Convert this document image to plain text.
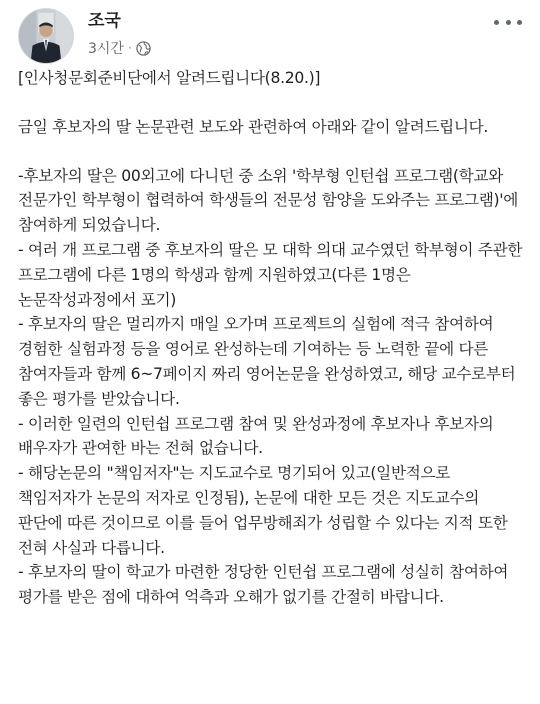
조국
3시간 ·

[인사청문회준비단에서 알려드립니다(8.20.)]

금일 후보자의 딸 논문관련 보도와 관련하여 아래와 같이 알려드립니다.

-후보자의 딸은 00외고에 다니던 중 소위 '학부형 인턴쉽 프로그램(학교와 전문가인 학부형이 협력하여 학생들의 전문성 함양을 도와주는 프로그램)'에 참여하게 되었습니다.

- 여러 개 프로그램 중 후보자의 딸은 모 대학 의대 교수였던 학부형이 주관한 프로그램에 다른 1명의 학생과 함께 지원하였고(다른 1명은 논문작성과정에서 포기)

- 후보자의 딸은 멀리까지 매일 오가며 프로젝트의 실험에 적극 참여하여 경험한 실험과정 등을 영어로 완성하는데 기여하는 등 노력한 끝에 다른 참여자들과 함께 6~7페이지 짜리 영어논문을 완성하였고, 해당 교수로부터 좋은 평가를 받았습니다.

- 이러한 일련의 인턴쉽 프로그램 참여 및 완성과정에 후보자나 후보자의 배우자가 관여한 바는 전혀 없습니다.

- 해당논문의 "책임저자"는 지도교수로 명기되어 있고(일반적으로 책임저자가 논문의 저자로 인정됨), 논문에 대한 모든 것은 지도교수의 판단에 따른 것이므로 이를 들어 업무방해죄가 성립할 수 있다는 지적 또한 전혀 사실과 다릅니다.

- 후보자의 딸이 학교가 마련한 정당한 인턴쉽 프로그램에 성실히 참여하여 평가를 받은 점에 대하여 억측과 오해가 없기를 간절히 바랍니다.
